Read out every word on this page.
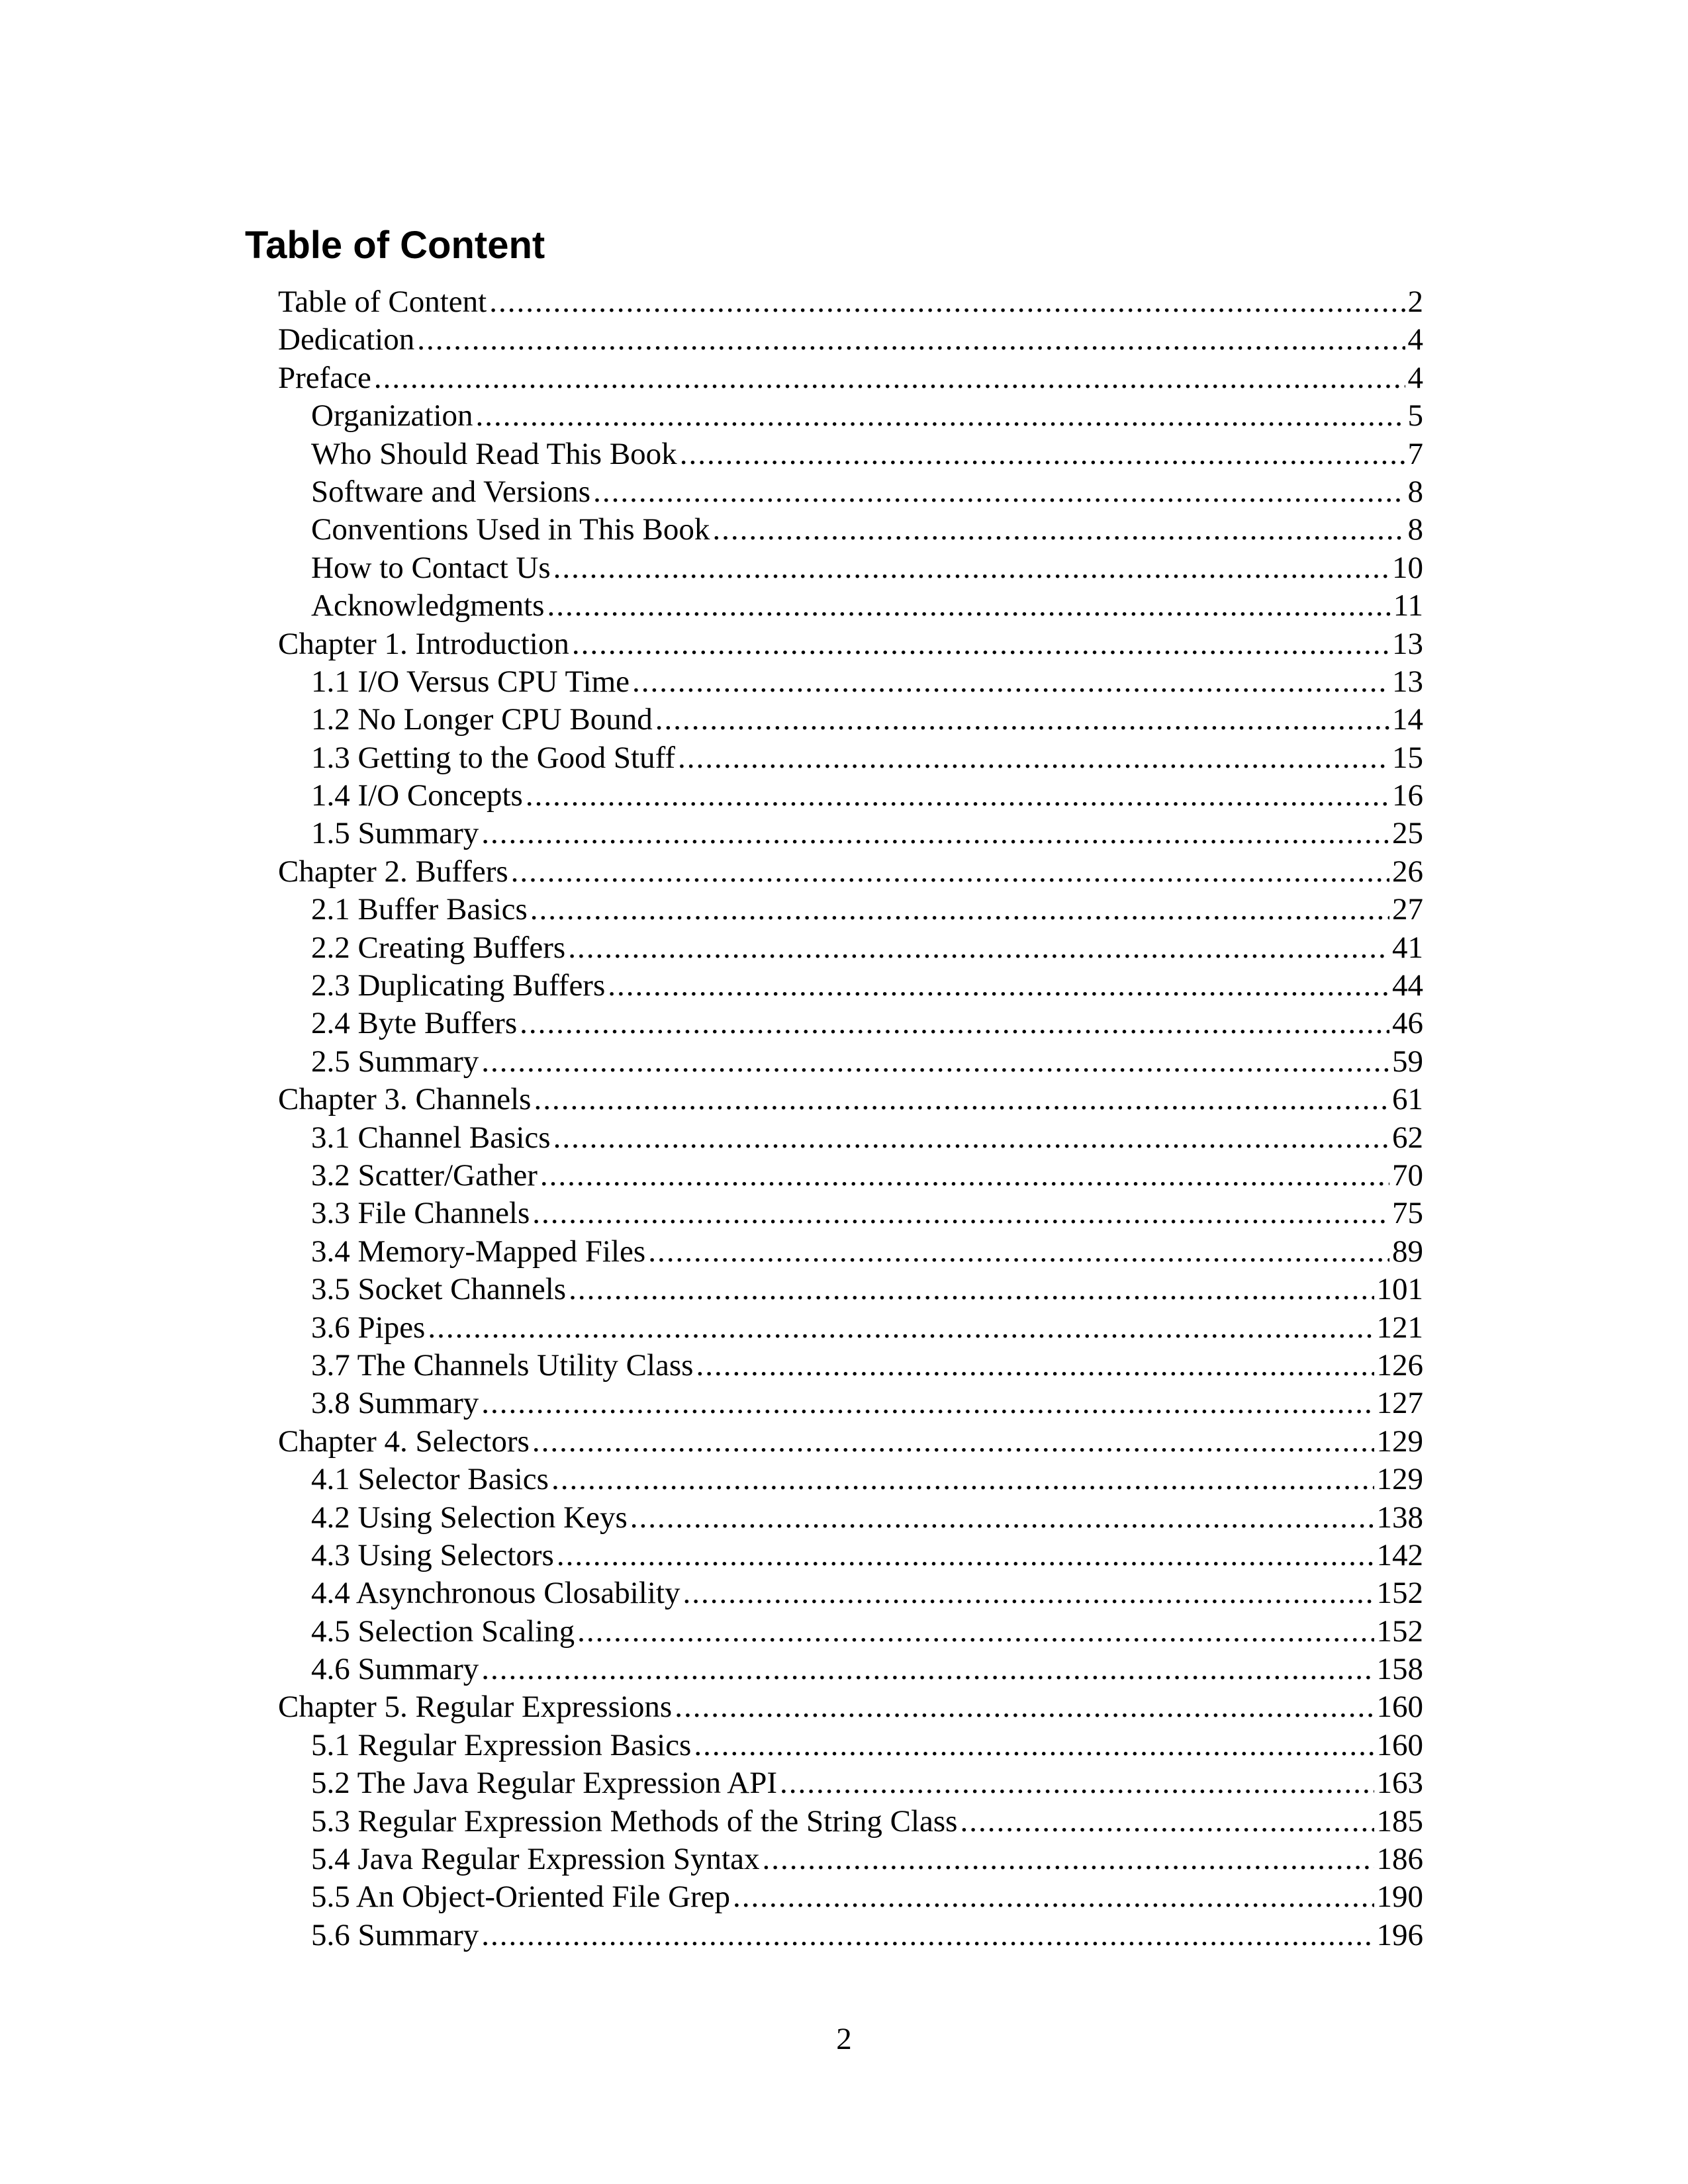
Table of Content
Table of Content .....	2
Dedication .....	4
Preface .....	4
Organization .....	5
Who Should Read This Book .....	7
Software and Versions .....	8
Conventions Used in This Book .....	8
How to Contact Us .....	10
Acknowledgments .....	11
Chapter 1. Introduction .....	13
1.1 I/O Versus CPU Time .....	13
1.2 No Longer CPU Bound .....	14
1.3 Getting to the Good Stuff .....	15
1.4 I/O Concepts .....	16
1.5 Summary .....	25
Chapter 2. Buffers .....	26
2.1 Buffer Basics .....	27
2.2 Creating Buffers .....	41
2.3 Duplicating Buffers .....	44
2.4 Byte Buffers .....	46
2.5 Summary .....	59
Chapter 3. Channels .....	61
3.1 Channel Basics .....	62
3.2 Scatter/Gather .....	70
3.3 File Channels .....	75
3.4 Memory-Mapped Files .....	89
3.5 Socket Channels .....	101
3.6 Pipes .....	121
3.7 The Channels Utility Class .....	126
3.8 Summary .....	127
Chapter 4. Selectors .....	129
4.1 Selector Basics .....	129
4.2 Using Selection Keys .....	138
4.3 Using Selectors .....	142
4.4 Asynchronous Closability .....	152
4.5 Selection Scaling .....	152
4.6 Summary .....	158
Chapter 5. Regular Expressions .....	160
5.1 Regular Expression Basics .....	160
5.2 The Java Regular Expression API .....	163
5.3 Regular Expression Methods of the String Class .....	185
5.4 Java Regular Expression Syntax .....	186
5.5 An Object-Oriented File Grep .....	190
5.6 Summary .....	196
2
